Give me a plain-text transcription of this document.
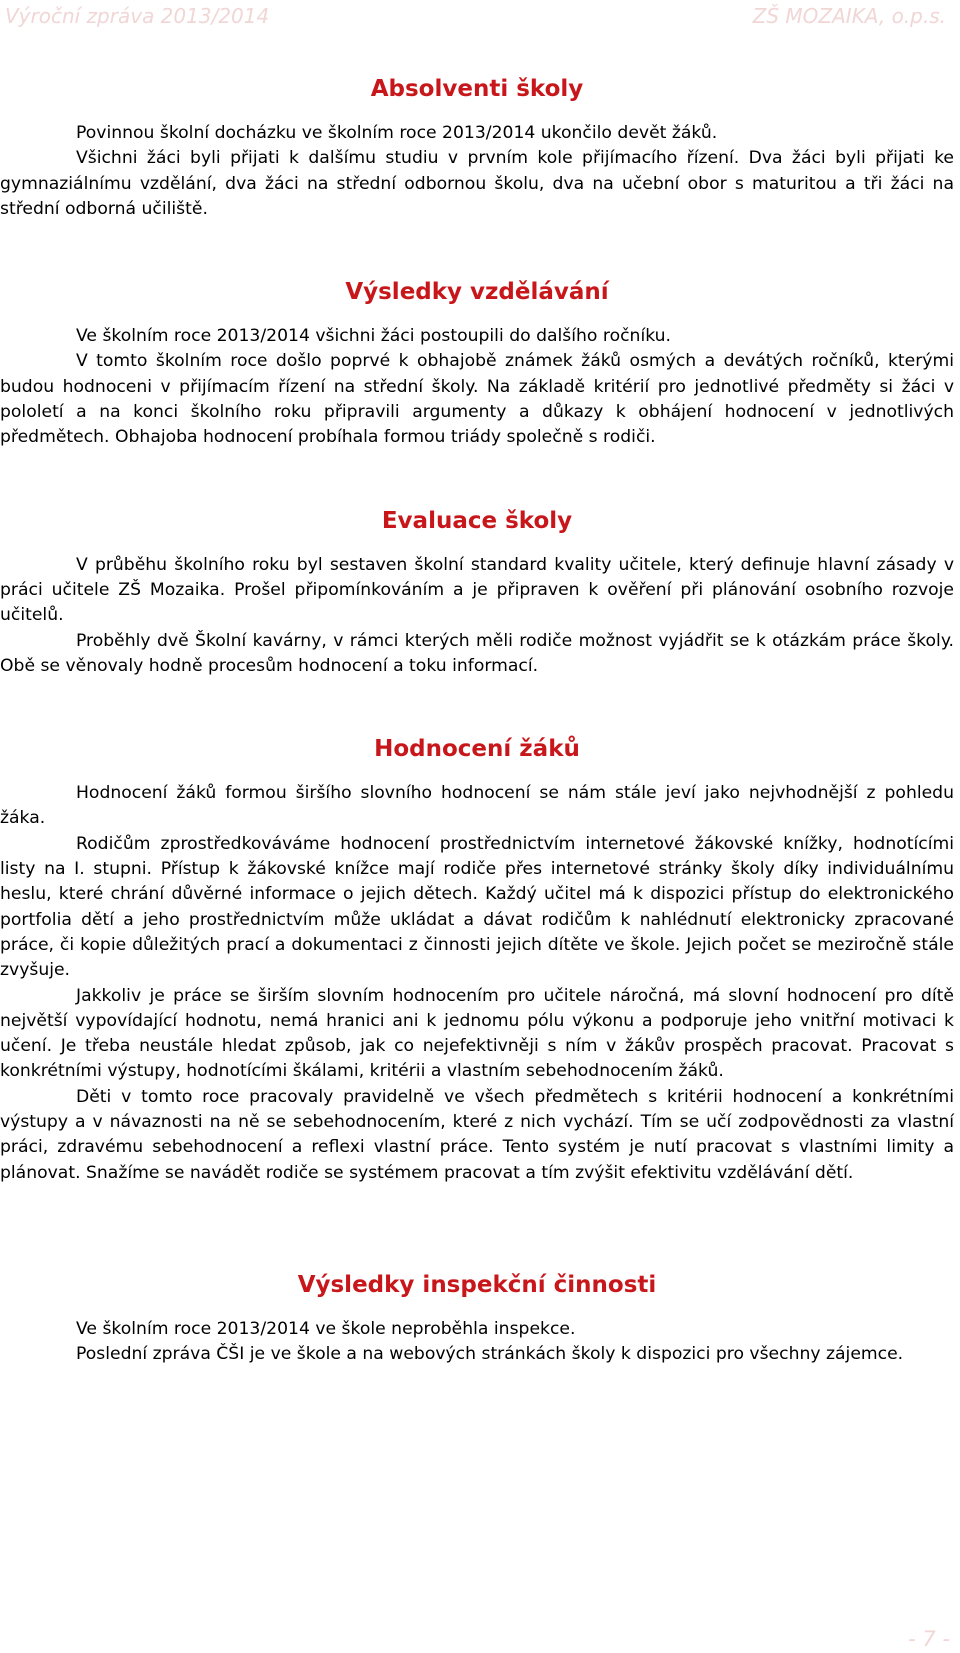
Výroční zpráva 2013/2014	ZŠ MOZAIKA, o.p.s.
Absolventi školy

Povinnou školní docházku ve školním roce 2013/2014 ukončilo devět žáků.

Všichni žáci byli přijati k dalšímu studiu v prvním kole přijímacího řízení. Dva žáci byli přijati ke gymnaziálnímu vzdělání, dva žáci na střední odbornou školu, dva na učební obor s maturitou a tři žáci na střední odborná učiliště.

Výsledky vzdělávání

Ve školním roce 2013/2014 všichni žáci postoupili do dalšího ročníku.

V tomto školním roce došlo poprvé k obhajobě známek žáků osmých a devátých ročníků, kterými budou hodnoceni v přijímacím řízení na střední školy. Na základě kritérií pro jednotlivé předměty si žáci v pololetí a na konci školního roku připravili argumenty a důkazy k obhájení hodnocení v jednotlivých předmětech. Obhajoba hodnocení probíhala formou triády společně s rodiči.

Evaluace školy

V průběhu školního roku byl sestaven školní standard kvality učitele, který definuje hlavní zásady v práci učitele ZŠ Mozaika. Prošel připomínkováním a je připraven k ověření při plánování osobního rozvoje učitelů.

Proběhly dvě Školní kavárny, v rámci kterých měli rodiče možnost vyjádřit se k otázkám práce školy. Obě se věnovaly hodně procesům hodnocení a toku informací.

Hodnocení žáků

Hodnocení žáků formou širšího slovního hodnocení se nám stále jeví jako nejvhodnější z pohledu žáka.

Rodičům zprostředkováváme hodnocení prostřednictvím internetové žákovské knížky, hodnotícími listy na I. stupni. Přístup k žákovské knížce mají rodiče přes internetové stránky školy díky individuálnímu heslu, které chrání důvěrné informace o jejich dětech. Každý učitel má k dispozici přístup do elektronického portfolia dětí a jeho prostřednictvím může ukládat a dávat rodičům k nahlédnutí elektronicky zpracované práce, či kopie důležitých prací a dokumentaci z činnosti jejich dítěte ve škole. Jejich počet se meziročně stále zvyšuje.

Jakkoliv je práce se širším slovním hodnocením pro učitele náročná, má slovní hodnocení pro dítě největší vypovídající hodnotu, nemá hranici ani k jednomu pólu výkonu a podporuje jeho vnitřní motivaci k učení. Je třeba neustále hledat způsob, jak co nejefektivněji s ním v žákův prospěch pracovat. Pracovat s konkrétními výstupy, hodnotícími škálami, kritérii a vlastním sebehodnocením žáků.

Děti v tomto roce pracovaly pravidelně ve všech předmětech s kritérii hodnocení a konkrétními výstupy a v návaznosti na ně se sebehodnocením, které z nich vychází. Tím se učí zodpovědnosti za vlastní práci, zdravému sebehodnocení a reflexi vlastní práce. Tento systém je nutí pracovat s vlastními limity a plánovat. Snažíme se navádět rodiče se systémem pracovat a tím zvýšit efektivitu vzdělávání dětí.

Výsledky inspekční činnosti

Ve školním roce 2013/2014 ve škole neproběhla inspekce.

Poslední zpráva ČŠI je ve škole a na webových stránkách školy k dispozici pro všechny zájemce.

- 7 -
